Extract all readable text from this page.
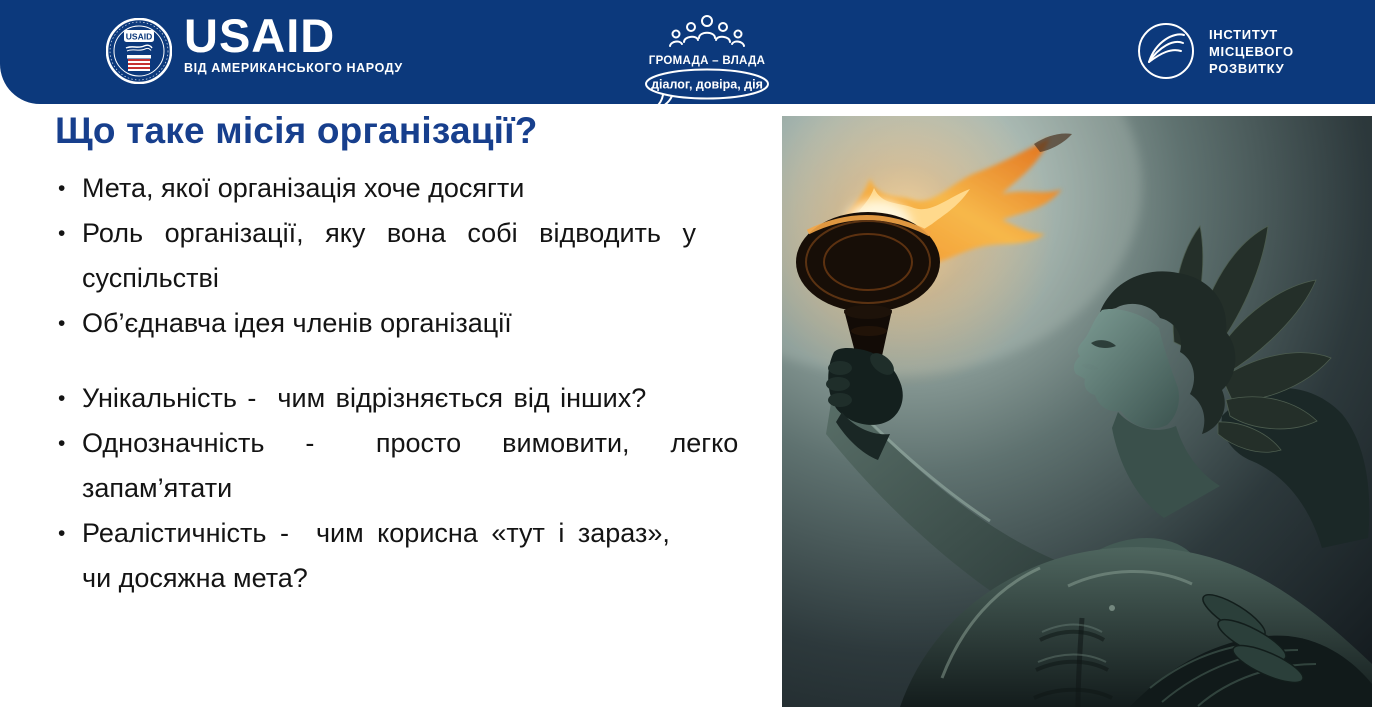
USAID USAID
ВІД АМЕРИКАНСЬКОГО НАРОДУ	ГРОМАДА – ВЛАДА
діалог, довіра, дія
ІНСТИТУТ
МІСЦЕВОГО
РОЗВИТКУ
Що таке місія організації?
• Мета, якої організація хоче досягти
• Роль організації, яку вона собі відводить у
суспільстві
• Об’єднавча ідея членів організації
• Унікальність -  чим відрізняється від інших?
• Однозначність  -   просто  вимовити,  легко
запам’ятати
• Реалістичність -  чим корисна «тут і зараз»,
чи досяжна мета?
